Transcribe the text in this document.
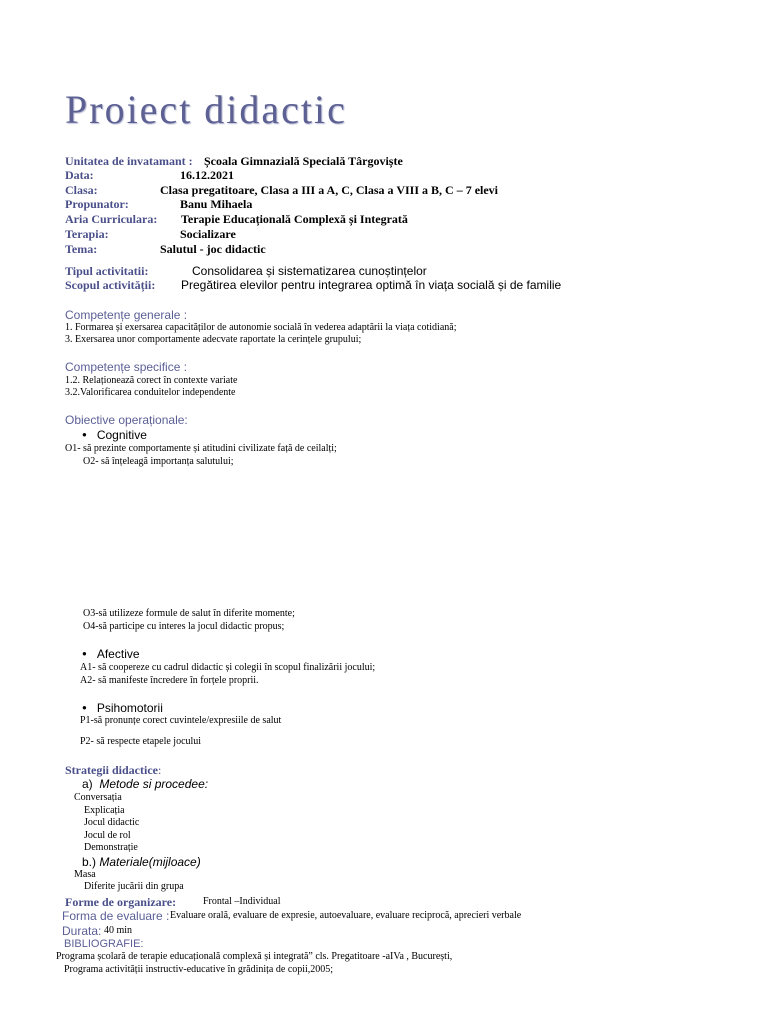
Proiect didactic
Unitatea de invatamant : Școala Gimnazială Specială Târgoviște
Data:	16.12.2021
Clasa:	Clasa pregatitoare, Clasa a III a A, C, Clasa a VIII a B, C – 7 elevi
Propunator:	Banu Mihaela
Aria Curriculara: Terapie Educațională Complexă și Integrată
Terapia:	Socializare
Tema:	Salutul - joc didactic
Tipul activitatii:	Consolidarea și sistematizarea cunoștințelor
Scopul activității: Pregătirea elevilor pentru integrarea optimă în viața socială și de familie
Competențe generale :
1. Formarea și exersarea capacităților de autonomie socială în vederea adaptării la viața cotidiană;
3. Exersarea unor comportamente adecvate raportate la cerințele grupului;
Competențe specifice :
1.2. Relaționează corect în contexte variate
3.2.Valorificarea conduitelor independente
Obiective operaționale:
● Cognitive
O1- să prezinte comportamente și atitudini civilizate față de ceilalți;
O2- să înțeleagă importanța salutului;
O3-să utilizeze formule de salut în diferite momente;
O4-să participe cu interes la jocul didactic propus;
● Afective
A1- să coopereze cu cadrul didactic și colegii în scopul finalizării jocului;
A2- să manifeste încredere în forțele proprii.
● Psihomotorii
P1-să pronunțe corect cuvintele/expresiile de salut
P2- să respecte etapele jocului
Strategii didactice:
a) Metode si procedee:
Conversația
Explicația
Jocul didactic
Jocul de rol
Demonstrație
b.) Materiale(mijloace)
Masa
Diferite jucării din grupa
Forme de organizare:	Frontal –Individual
Forma de evaluare : Evaluare orală, evaluare de expresie, autoevaluare, evaluare reciprocă, aprecieri verbale
Durata: 40 min
BIBLIOGRAFIE:
Programa școlară de terapie educațională complexă și integrată” cls. Pregatitoare -aIVa , București,
Programa activității instructiv-educative în grădinița de copii,2005;
